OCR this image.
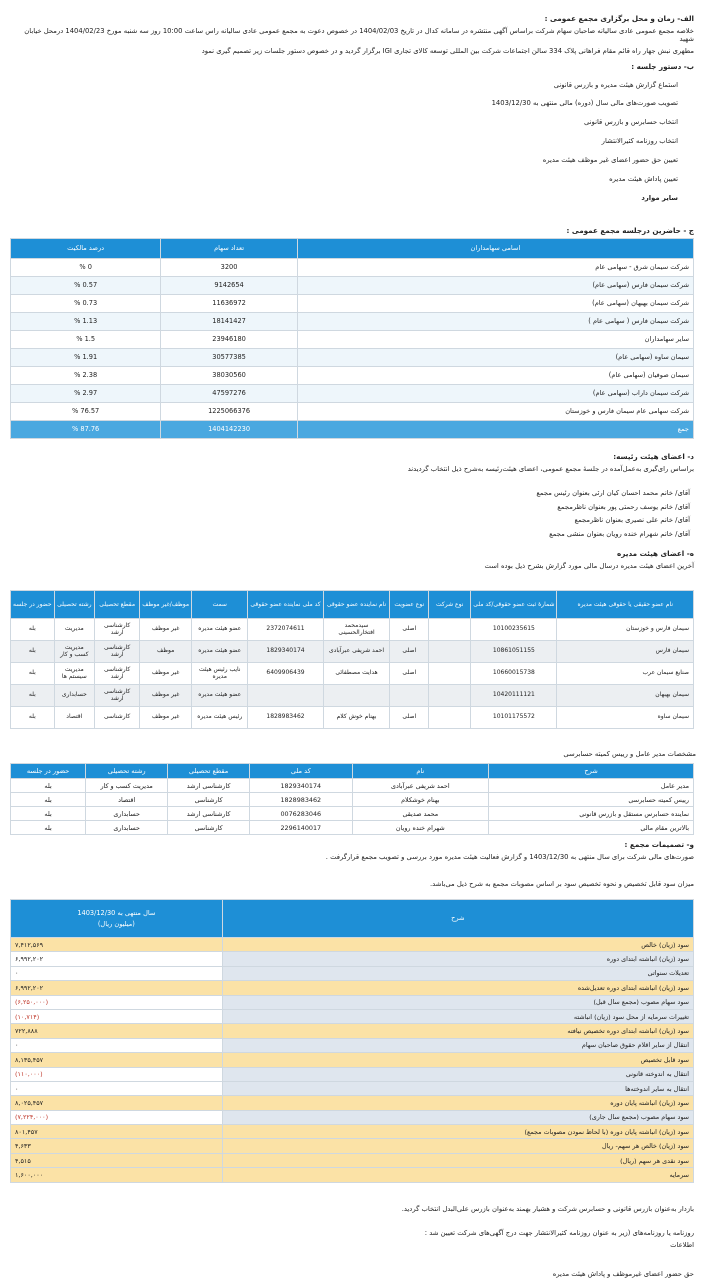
الف- زمان و محل برگزاری مجمع عمومی :
خلاصه مجمع عمومی عادی سالیانه صاحبان سهام شرکت براساس آگهی منتشره در سامانه کدال در تاریخ 1404/02/03 در خصوص دعوت به مجمع عمومی عادی سالیانه راس ساعت 10:00 روز سه شنبه مورخ 1404/02/23 درمحل خیابان شهید
مطهری نبش جهار راه قائم مقام فراهانی پلاک 334 سالن اجتماعات شرکت بین المللی توسعه کالای تجاری IGI برگزار گردید و در خصوص دستور جلسات زیر تصمیم گیری نمود
ب- دستور جلسه :
استماع گزارش هیئت مدیره و بازرس قانونی
تصویب صورت‌های مالی سال (دوره) مالی منتهی به 1403/12/30
انتخاب حسابرس و بازرس قانونی
انتخاب روزنامه کثیرالانتشار
تعیین حق حضور اعضای غیر موظف هیئت مدیره
تعیین پاداش هیئت مدیره
سایر موارد
ج - حاضرین درجلسه مجمع عمومی :
اسامی سهامداران	تعداد سهام	درصد مالکیت
شرکت سیمان شرق - سهامی عام	3200	0 %
شرکت سیمان فارس (سهامی عام)	9142654	0.57 %
شرکت سیمان بهبهان (سهامی عام)	11636972	0.73 %
شرکت سیمان فارس ( سهامی عام )	18141427	1.13 %
سایر سهامداران	23946180	1.5 %
سیمان ساوه (سهامی عام)	30577385	1.91 %
سیمان صوفیان (سهامی عام)	38030560	2.38 %
شرکت سیمان داراب (سهامی عام)	47597276	2.97 %
شرکت سهامی عام سیمان فارس و خوزستان	1225066376	76.57 %
جمع	1404142230	87.76 %
د- اعضای هیئت رئیسه:
براساس رای‌گیری به‌عمل‌آمده در جلسهٔ مجمع عمومی، اعضای هیئت‌رئیسه به‌شرح ذیل انتخاب گردیدند
آقای/ خانم محمد احسان کیان ارثی بعنوان رئیس مجمع
آقای/ خانم یوسف رحمتی پور بعنوان ناظرمجمع
آقای/ خانم علی نصیری بعنوان ناظرمجمع
آقای/ خانم شهرام خنده رویان بعنوان منشی مجمع
ه- اعضای هیئت مدیره
آخرین اعضای هیئت مدیره درسال مالی مورد گزارش بشرح ذیل بوده است
نام عضو حقیقی یا حقوقی هیئت مدیره	شمارهٔ ثبت عضو حقوقی/کد ملی	نوع شرکت	نوع عضویت	نام نماینده عضو حقوقی	کد ملی نماینده عضو حقوقی	سمت	موظف/غیر موظف	مقطع تحصیلی	رشته تحصیلی	حضور در جلسه
سیمان فارس و خوزستان	10100235615		اصلی	سیدمحمد افتخارالحسینی	2372074611	عضو هیئت مدیره	غیر موظف	کارشناسی ارشد	مدیریت	بله
سیمان فارس	10861051155		اصلی	احمد شریفی عبرآبادی	1829340174	عضو هیئت مدیره	موظف	کارشناسی ارشد	مدیریت کسب و کار	بله
صنایع سیمان عرب	10660015738		اصلی	هدایت مصطفائی	6409906439	نایب رئیس هیئت مدیره	غیر موظف	کارشناسی ارشد	مدیریت سیستم ها	بله
سیمان بهبهان	10420111121					عضو هیئت مدیره	غیر موظف	کارشناسی ارشد	حسابداری	بله
سیمان ساوه	10101175572		اصلی	بهنام خوش کلام	1828983462	رئیس هیئت مدیره	غیر موظف	کارشناسی	اقتصاد	بله
مشخصات مدیر عامل و رییس کمیته حسابرسی
شرح	نام	کد ملی	مقطع تحصیلی	رشته تحصیلی	حضور در جلسه
مدیر عامل	احمد شریفی عبرآبادی	1829340174	کارشناسی ارشد	مدیریت کسب و کار	بله
رییس کمیته حسابرسی	بهنام خوشکلام	1828983462	کارشناسی	اقتصاد	بله
نماینده حسابرس مستقل و بازرس قانونی	محمد صدیقی	0076283046	کارشناسی ارشد	حسابداری	بله
بالاترین مقام مالی	شهرام خنده رویان	2296140017	کارشناسی	حسابداری	بله
و- تصمیمات مجمع :
صورت‌های مالی شرکت برای سال منتهی به 1403/12/30 و گزارش فعالیت هیئت مدیره مورد بررسی و تصویب مجمع قرارگرفت .
میزان سود قابل تخصیص و نحوه تخصیص سود بر اساس مصوبات مجمع به شرح ذیل می‌باشد.
شرح	سال منتهی به 1403/12/30
(میلیون ریال)

سود (زیان) خالص	۷,۴۱۲,۵۶۹
سود (زیان) انباشته ابتدای دوره	۶,۹۹۲,۲۰۲
تعدیلات سنواتی	۰
سود (زیان) انباشته ابتدای دوره تعدیل‌شده	۶,۹۹۲,۲۰۲
سود سهام مصوب (مجمع سال قبل)	(۶,۲۵۰,۰۰۰)
تغییرات سرمایه از محل سود (زیان) انباشته	(۱۰,۷۱۴)
سود (زیان) انباشته ابتدای دوره تخصیص نیافته	۷۲۲,۸۸۸
انتقال از سایر اقلام حقوق صاحبان سهام	۰
سود قابل تخصیص	۸,۱۳۵,۴۵۷
انتقال به اندوخته قانونی	(۱۱۰,۰۰۰)
انتقال به سایر اندوخته‌ها	۰
سود (زیان) انباشته پایان دوره	۸,۰۲۵,۴۵۷
سود سهام مصوب (مجمع سال جاری)	(۷,۲۲۴,۰۰۰)
سود (زیان) انباشته پایان دوره (با لحاظ نمودن مصوبات مجمع)	۸۰۱,۴۵۷
سود (زیان) خالص هر سهم- ریال	۴,۶۳۳
سود نقدی هر سهم (ریال)	۴,۵۱۵
سرمایه	۱,۶۰۰,۰۰۰
بازدار به‌عنوان بازرس قانونی و حسابرس شرکت و هشیار بهمند به‌عنوان بازرس علی‌البدل انتخاب گردید.
روزنامه یا روزنامه‌های (زیر به عنوان روزنامه کثیرالانتشار جهت درج آگهی‌های شرکت تعیین شد :
اطلاعات
حق حضور اعضای غیرموظف و پاداش هیئت مدیره
